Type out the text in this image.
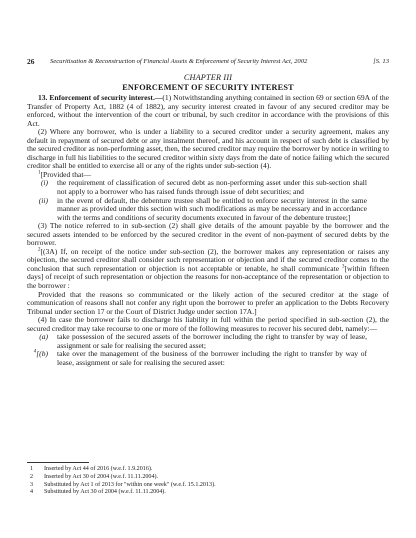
26 Securitisation & Reconstruction of Financial Assets & Enforcement of Security Interest Act, 2002	[S. 13
CHAPTER III
ENFORCEMENT OF SECURITY INTEREST

13. Enforcement of security interest.—(1) Notwithstanding anything contained in section 69 or section 69A of the Transfer of Property Act, 1882 (4 of 1882), any security interest created in favour of any secured creditor may be enforced, without the intervention of the court or tribunal, by such creditor in accordance with the provisions of this Act.

(2) Where any borrower, who is under a liability to a secured creditor under a security agreement, makes any default in repayment of secured debt or any instalment thereof, and his account in respect of such debt is classified by the secured creditor as non-performing asset, then, the secured creditor may require the borrower by notice in writing to discharge in full his liabilities to the secured creditor within sixty days from the date of notice failing which the secured creditor shall be entitled to exercise all or any of the rights under sub-section (4).

$^1$[Provided that—

(i)	the requirement of classification of secured debt as non-performing asset under this sub-section shall not apply to a borrower who has raised funds through issue of debt securities; and
(ii)	in the event of default, the debenture trustee shall be entitled to enforce security interest in the same manner as provided under this section with such modifications as may be necessary and in accordance with the terms and conditions of security documents executed in favour of the debenture trustee;]

(3) The notice referred to in sub-section (2) shall give details of the amount payable by the borrower and the secured assets intended to be enforced by the secured creditor in the event of non-payment of secured debts by the borrower.

$^2$[(3A) If, on receipt of the notice under sub-section (2), the borrower makes any representation or raises any objection, the secured creditor shall consider such representation or objection and if the secured creditor comes to the conclusion that such representation or objection is not acceptable or tenable, he shall communicate $^3$[within fifteen days] of receipt of such representation or objection the reasons for non-acceptance of the representation or objection to the borrower :

Provided that the reasons so communicated or the likely action of the secured creditor at the stage of communication of reasons shall not confer any right upon the borrower to prefer an application to the Debts Recovery Tribunal under section 17 or the Court of District Judge under section 17A.]

(4) In case the borrower fails to discharge his liability in full within the period specified in sub-section (2), the secured creditor may take recourse to one or more of the following measures to recover his secured debt, namely:—

(a)	take possession of the secured assets of the borrower including the right to transfer by way of lease, assignment or sale for realising the secured asset;
$^4$[(b)	take over the management of the business of the borrower including the right to transfer by way of lease, assignment or sale for realising the secured asset:
1	Inserted by Act 44 of 2016 (w.e.f. 1.9.2016).
2	Inserted by Act 30 of 2004 (w.e.f. 11.11.2004).
3	Substituted by Act 1 of 2013 for "within one week" (w.e.f. 15.1.2013).
4	Substituted by Act 30 of 2004 (w.e.f. 11.11.2004).
